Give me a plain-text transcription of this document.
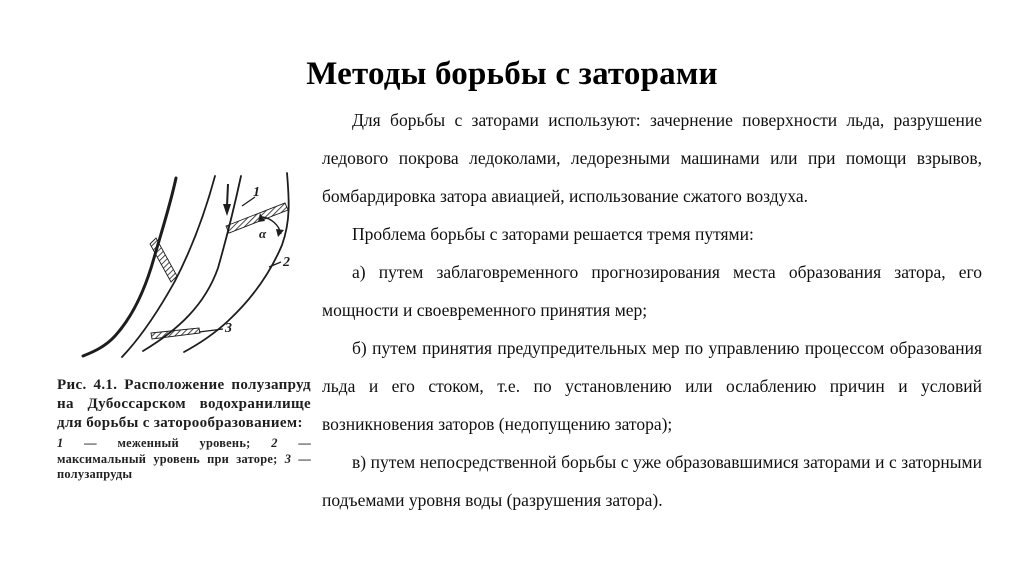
Методы борьбы с заторами
α
1
2
3
Рис. 4.1. Расположение полузапруд на Дубоссарском водохранилище для борьбы с заторообразованием:
1 — меженный уровень; 2 — максимальный уровень при заторе; 3 — полузапруды

Для борьбы с заторами используют: зачернение поверхности льда, разрушение ледового покрова ледоколами, ледорезными машинами или при помощи взрывов, бомбардировка затора авиацией, использование сжатого воздуха.

Проблема борьбы с заторами решается тремя путями:

а) путем заблаговременного прогнозирования места образования затора, его мощности и своевременного принятия мер;

б) путем принятия предупредительных мер по управлению процессом образования льда и его стоком, т.е. по установлению или ослаблению причин и условий возникновения заторов (недопущению затора);

в) путем непосредственной борьбы с уже образовавшимися заторами и с заторными подъемами уровня воды (разрушения затора).
